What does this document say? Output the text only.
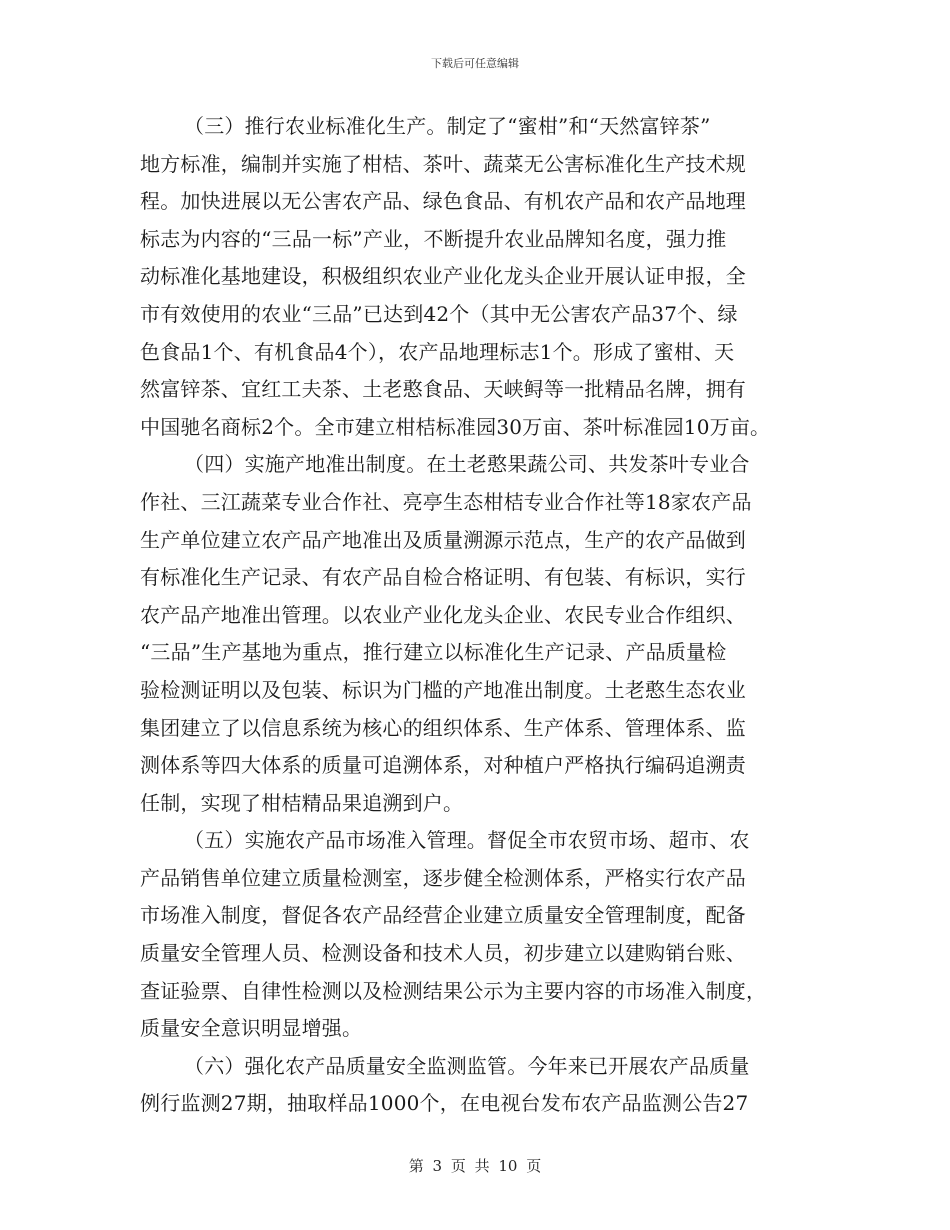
下载后可任意编辑
（三）推行农业标准化生产。制定了“蜜柑”和“天然富锌茶”
地方标准，编制并实施了柑桔、茶叶、蔬菜无公害标准化生产技术规
程。加快进展以无公害农产品、绿色食品、有机农产品和农产品地理
标志为内容的“三品一标”产业，不断提升农业品牌知名度，强力推
动标准化基地建设，积极组织农业产业化龙头企业开展认证申报，全
市有效使用的农业“三品”已达到42个（其中无公害农产品37个、绿
色食品1个、有机食品4个），农产品地理标志1个。形成了蜜柑、天
然富锌茶、宜红工夫茶、土老憨食品、天峡鲟等一批精品名牌，拥有
中国驰名商标2个。全市建立柑桔标准园30万亩、茶叶标准园10万亩。
（四）实施产地准出制度。在土老憨果蔬公司、共发茶叶专业合
作社、三江蔬菜专业合作社、亮亭生态柑桔专业合作社等18家农产品
生产单位建立农产品产地准出及质量溯源示范点，生产的农产品做到
有标准化生产记录、有农产品自检合格证明、有包装、有标识，实行
农产品产地准出管理。以农业产业化龙头企业、农民专业合作组织、
“三品”生产基地为重点，推行建立以标准化生产记录、产品质量检
验检测证明以及包装、标识为门槛的产地准出制度。土老憨生态农业
集团建立了以信息系统为核心的组织体系、生产体系、管理体系、监
测体系等四大体系的质量可追溯体系，对种植户严格执行编码追溯责
任制，实现了柑桔精品果追溯到户。
（五）实施农产品市场准入管理。督促全市农贸市场、超市、农
产品销售单位建立质量检测室，逐步健全检测体系，严格实行农产品
市场准入制度，督促各农产品经营企业建立质量安全管理制度，配备
质量安全管理人员、检测设备和技术人员，初步建立以建购销台账、
查证验票、自律性检测以及检测结果公示为主要内容的市场准入制度，
质量安全意识明显增强。
（六）强化农产品质量安全监测监管。今年来已开展农产品质量
例行监测27期，抽取样品1000个，在电视台发布农产品监测公告27
第 3 页 共 10 页
